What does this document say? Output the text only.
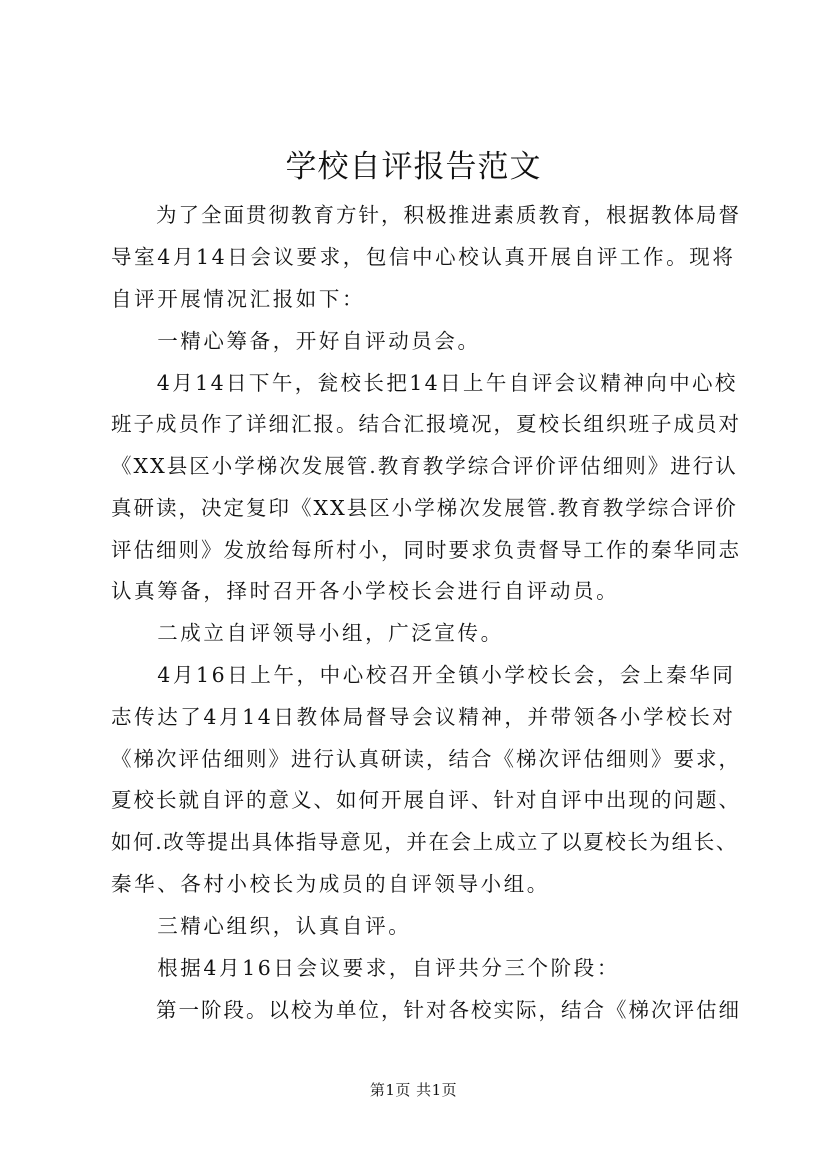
学校自评报告范文
　　为了全面贯彻教育方针，积极推进素质教育，根据教体局督
导室4月14日会议要求，包信中心校认真开展自评工作。现将
自评开展情况汇报如下：
　　一精心筹备，开好自评动员会。
　　4月14日下午，瓮校长把14日上午自评会议精神向中心校
班子成员作了详细汇报。结合汇报境况，夏校长组织班子成员对
《XX县区小学梯次发展管.教育教学综合评价评估细则》进行认
真研读，决定复印《XX县区小学梯次发展管.教育教学综合评价
评估细则》发放给每所村小，同时要求负责督导工作的秦华同志
认真筹备，择时召开各小学校长会进行自评动员。
　　二成立自评领导小组，广泛宣传。
　　4月16日上午，中心校召开全镇小学校长会，会上秦华同
志传达了4月14日教体局督导会议精神，并带领各小学校长对
《梯次评估细则》进行认真研读，结合《梯次评估细则》要求，
夏校长就自评的意义、如何开展自评、针对自评中出现的问题、
如何.改等提出具体指导意见，并在会上成立了以夏校长为组长、
秦华、各村小校长为成员的自评领导小组。
　　三精心组织，认真自评。
　　根据4月16日会议要求，自评共分三个阶段：
　　第一阶段。以校为单位，针对各校实际，结合《梯次评估细
第1页 共1页
